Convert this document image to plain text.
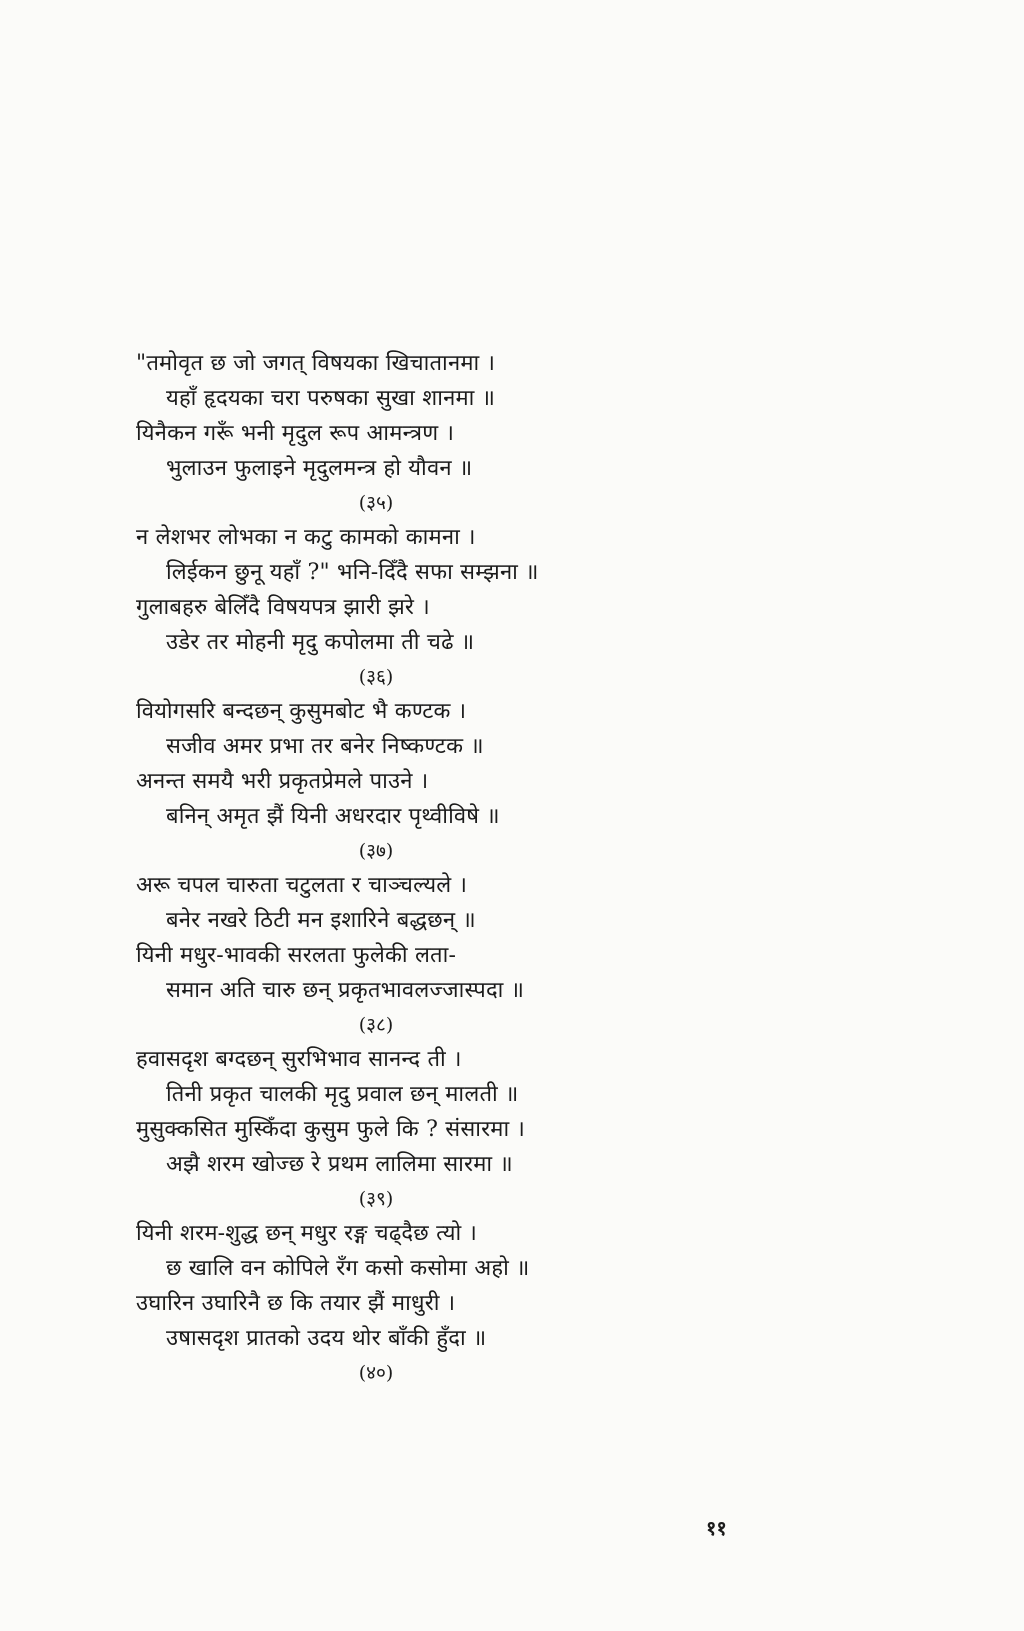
"तमोवृत छ जो जगत् विषयका खिचातानमा ।
यहाँ हृदयका चरा परुषका सुखा शानमा ॥
यिनैकन गरूँ भनी मृदुल रूप आमन्त्रण ।
भुलाउन फुलाइने मृदुलमन्त्र हो यौवन ॥
(३५)
न लेशभर लोभका न कटु कामको कामना ।
लिईकन छुनू यहाँ ?" भनि-दिँदै सफा सम्झना ॥
गुलाबहरु बेलिँदै विषयपत्र झारी झरे ।
उडेर तर मोहनी मृदु कपोलमा ती चढे ॥
(३६)
वियोगसरि बन्दछन् कुसुमबोट भै कण्टक ।
सजीव अमर प्रभा तर बनेर निष्कण्टक ॥
अनन्त समयै भरी प्रकृतप्रेमले पाउने ।
बनिन् अमृत झैं यिनी अधरदार पृथ्वीविषे ॥
(३७)
अरू चपल चारुता चटुलता र चाञ्चल्यले ।
बनेर नखरे ठिटी मन इशारिने बद्धछन् ॥
यिनी मधुर-भावकी सरलता फुलेकी लता-
समान अति चारु छन् प्रकृतभावलज्जास्पदा ॥
(३८)
हवासदृश बग्दछन् सुरभिभाव सानन्द ती ।
तिनी प्रकृत चालकी मृदु प्रवाल छन् मालती ॥
मुसुक्कसित मुस्किँदा कुसुम फुले कि ? संसारमा ।
अझै शरम खोज्छ रे प्रथम लालिमा सारमा ॥
(३९)
यिनी शरम-शुद्ध छन् मधुर रङ्ग चढ्दैछ त्यो ।
छ खालि वन कोपिले रँग कसो कसोमा अहो ॥
उघारिन उघारिनै छ कि तयार झैं माधुरी ।
उषासदृश प्रातको उदय थोर बाँकी हुँदा ॥
(४०)
११
